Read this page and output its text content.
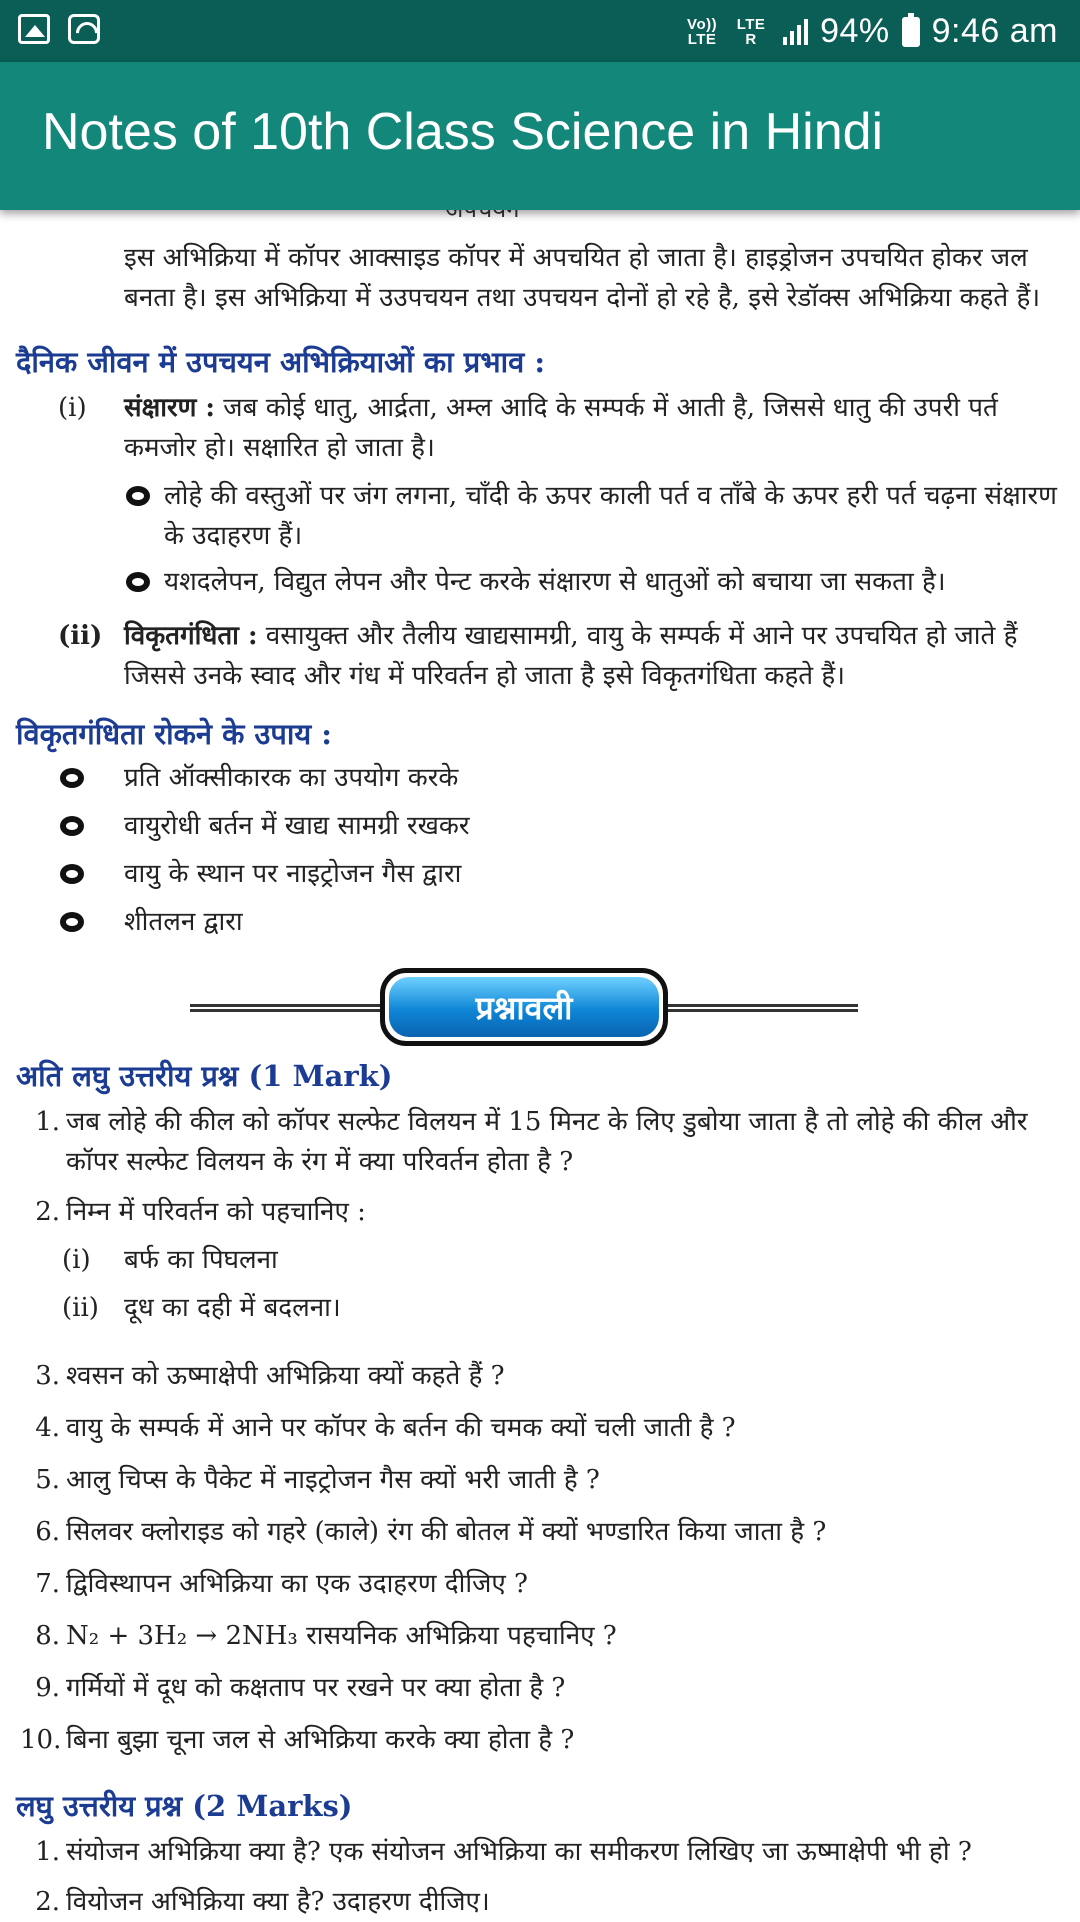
Vo)) LTE
LTE R	94% 9:46 am
Notes of 10th Class Science in Hindi
इस अभिक्रिया में कॉपर आक्साइड कॉपर में अपचयित हो जाता है। हाइड्रोजन उपचयित होकर जल
बनता है। इस अभिक्रिया में उउपचयन तथा उपचयन दोनों हो रहे है, इसे रेडॉक्स अभिक्रिया कहते हैं।
दैनिक जीवन में उपचयन अभिक्रियाओं का प्रभाव :
(i)	संक्षारण : जब कोई धातु, आर्द्रता, अम्ल आदि के सम्पर्क में आती है, जिससे धातु की उपरी पर्त
कमजोर हो। सक्षारित हो जाता है।
लोहे की वस्तुओं पर जंग लगना, चाँदी के ऊपर काली पर्त व ताँबे के ऊपर हरी पर्त चढ़ना संक्षारण
के उदाहरण हैं।
यशदलेपन, विद्युत लेपन और पेन्ट करके संक्षारण से धातुओं को बचाया जा सकता है।
(ii) विकृतगंधिता : वसायुक्त और तैलीय खाद्यसामग्री, वायु के सम्पर्क में आने पर उपचयित हो जाते हैं
जिससे उनके स्वाद और गंध में परिवर्तन हो जाता है इसे विकृतगंधिता कहते हैं।
विकृतगंधिता रोकने के उपाय :
प्रति ऑक्सीकारक का उपयोग करके
वायुरोधी बर्तन में खाद्य सामग्री रखकर
वायु के स्थान पर नाइट्रोजन गैस द्वारा
शीतलन द्वारा
प्रश्नावली
अति लघु उत्तरीय प्रश्न (1 Mark)
1. जब लोहे की कील को कॉपर सल्फेट विलयन में 15 मिनट के लिए डुबोया जाता है तो लोहे की कील और
कॉपर सल्फेट विलयन के रंग में क्या परिवर्तन होता है ?
2. निम्न में परिवर्तन को पहचानिए :
(i) बर्फ का पिघलना
(ii) दूध का दही में बदलना।
3. श्वसन को ऊष्माक्षेपी अभिक्रिया क्यों कहते हैं ?
4. वायु के सम्पर्क में आने पर कॉपर के बर्तन की चमक क्यों चली जाती है ?
5. आलु चिप्स के पैकेट में नाइट्रोजन गैस क्यों भरी जाती है ?
6. सिलवर क्लोराइड को गहरे (काले) रंग की बोतल में क्यों भण्डारित किया जाता है ?
7. द्विविस्थापन अभिक्रिया का एक उदाहरण दीजिए ?
8. N₂ + 3H₂ → 2NH₃ रासयनिक अभिक्रिया पहचानिए ?
9. गर्मियों में दूध को कक्षताप पर रखने पर क्या होता है ?
10. बिना बुझा चूना जल से अभिक्रिया करके क्या होता है ?
लघु उत्तरीय प्रश्न (2 Marks)
1. संयोजन अभिक्रिया क्या है? एक संयोजन अभिक्रिया का समीकरण लिखिए जा ऊष्माक्षेपी भी हो ?
2. वियोजन अभिक्रिया क्या है? उदाहरण दीजिए।
